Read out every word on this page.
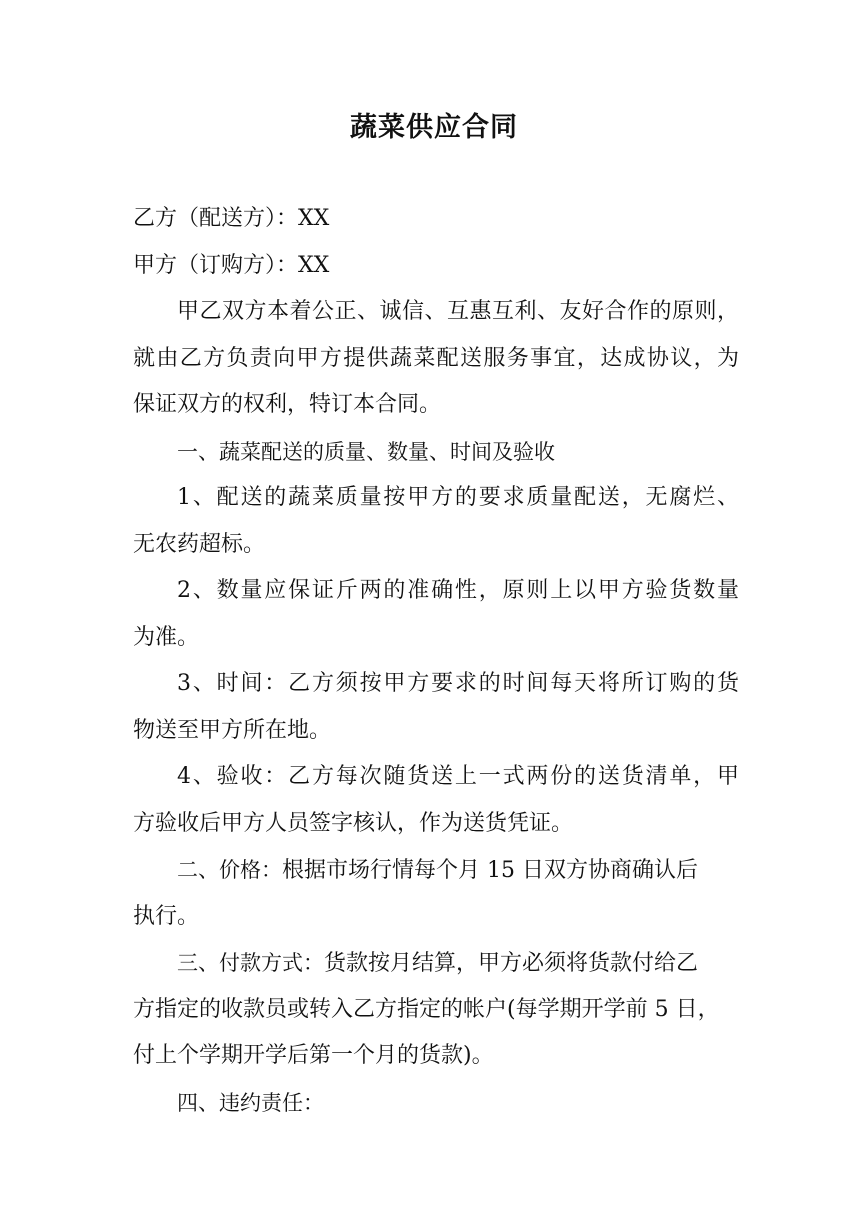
蔬菜供应合同
乙方（配送方）：XX
甲方（订购方）：XX
甲乙双方本着公正、诚信、互惠互利、友好合作的原则，
就由乙方负责向甲方提供蔬菜配送服务事宜，达成协议，为
保证双方的权利，特订本合同。
一、蔬菜配送的质量、数量、时间及验收
1、配送的蔬菜质量按甲方的要求质量配送，无腐烂、
无农药超标。
2、数量应保证斤两的准确性，原则上以甲方验货数量
为准。
3、时间：乙方须按甲方要求的时间每天将所订购的货
物送至甲方所在地。
4、验收：乙方每次随货送上一式两份的送货清单，甲
方验收后甲方人员签字核认，作为送货凭证。
二、价格：根据市场行情每个月 15 日双方协商确认后
执行。
三、付款方式：货款按月结算，甲方必须将货款付给乙
方指定的收款员或转入乙方指定的帐户(每学期开学前 5 日，
付上个学期开学后第一个月的货款)。
四、违约责任：
